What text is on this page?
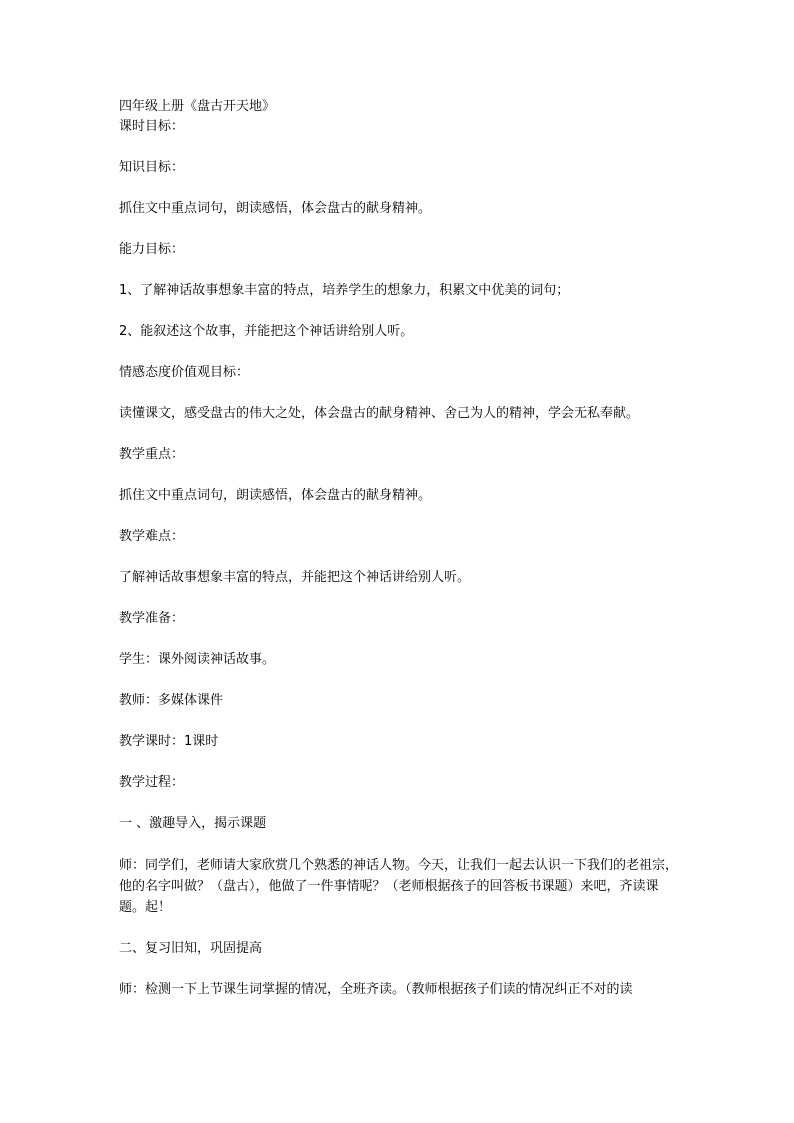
四年级上册《盘古开天地》
课时目标：
知识目标：
抓住文中重点词句，朗读感悟，体会盘古的献身精神。
能力目标：
1、了解神话故事想象丰富的特点，培养学生的想象力，积累文中优美的词句；
2、能叙述这个故事，并能把这个神话讲给别人听。
情感态度价值观目标：
读懂课文，感受盘古的伟大之处，体会盘古的献身精神、舍己为人的精神，学会无私奉献。
教学重点：
抓住文中重点词句，朗读感悟，体会盘古的献身精神。
教学难点：
了解神话故事想象丰富的特点，并能把这个神话讲给别人听。
教学准备：
学生：课外阅读神话故事。
教师：多媒体课件
教学课时：1课时
教学过程：
一 、激趣导入，揭示课题
师：同学们，老师请大家欣赏几个熟悉的神话人物。今天，让我们一起去认识一下我们的老祖宗，他的名字叫做？（盘古），他做了一件事情呢？（老师根据孩子的回答板书课题）来吧，齐读课题。起！
二、复习旧知，巩固提高
师：检测一下上节课生词掌握的情况，全班齐读。（教师根据孩子们读的情况纠正不对的读
